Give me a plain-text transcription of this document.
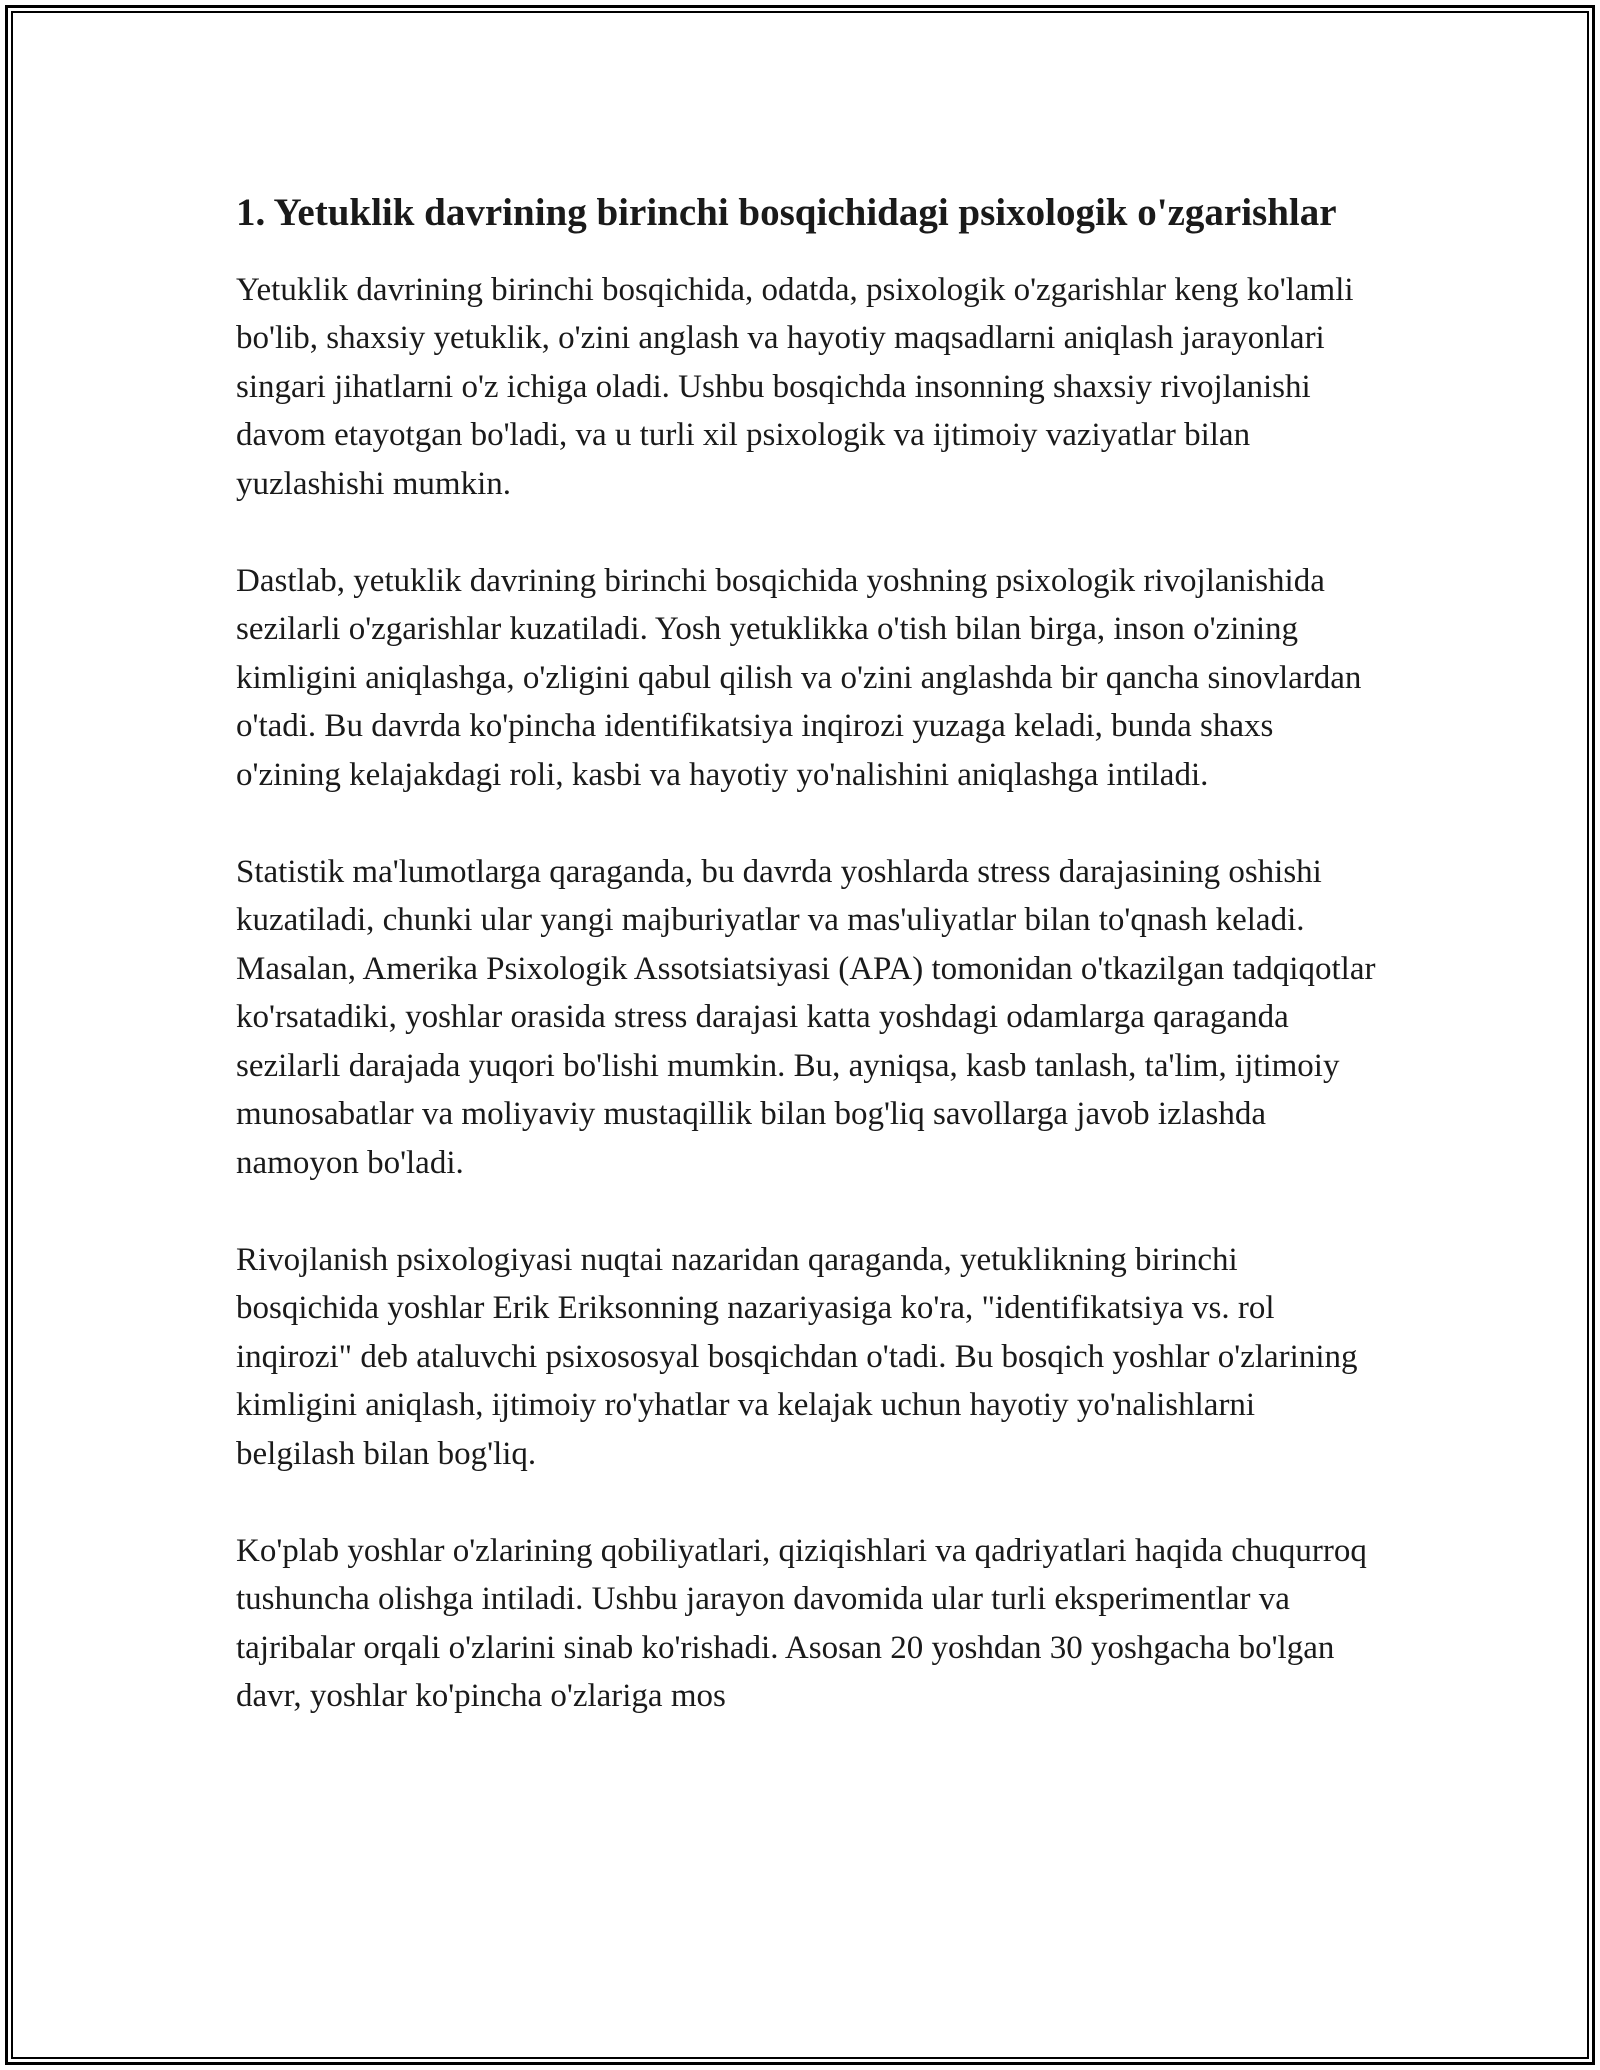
1. Yetuklik davrining birinchi bosqichidagi psixologik o'zgarishlar

Yetuklik davrining birinchi bosqichida, odatda, psixologik o'zgarishlar keng ko'lamli bo'lib, shaxsiy yetuklik, o'zini anglash va hayotiy maqsadlarni aniqlash jarayonlari singari jihatlarni o'z ichiga oladi. Ushbu bosqichda insonning shaxsiy rivojlanishi davom etayotgan bo'ladi, va u turli xil psixologik va ijtimoiy vaziyatlar bilan yuzlashishi mumkin.

Dastlab, yetuklik davrining birinchi bosqichida yoshning psixologik rivojlanishida sezilarli o'zgarishlar kuzatiladi. Yosh yetuklikka o'tish bilan birga, inson o'zining kimligini aniqlashga, o'zligini qabul qilish va o'zini anglashda bir qancha sinovlardan o'tadi. Bu davrda ko'pincha identifikatsiya inqirozi yuzaga keladi, bunda shaxs o'zining kelajakdagi roli, kasbi va hayotiy yo'nalishini aniqlashga intiladi.

Statistik ma'lumotlarga qaraganda, bu davrda yoshlarda stress darajasining oshishi kuzatiladi, chunki ular yangi majburiyatlar va mas'uliyatlar bilan to'qnash keladi. Masalan, Amerika Psixologik Assotsiatsiyasi (APA) tomonidan o'tkazilgan tadqiqotlar ko'rsatadiki, yoshlar orasida stress darajasi katta yoshdagi odamlarga qaraganda sezilarli darajada yuqori bo'lishi mumkin. Bu, ayniqsa, kasb tanlash, ta'lim, ijtimoiy munosabatlar va moliyaviy mustaqillik bilan bog'liq savollarga javob izlashda namoyon bo'ladi.

Rivojlanish psixologiyasi nuqtai nazaridan qaraganda, yetuklikning birinchi bosqichida yoshlar Erik Eriksonning nazariyasiga ko'ra, "identifikatsiya vs. rol inqirozi" deb ataluvchi psixososyal bosqichdan o'tadi. Bu bosqich yoshlar o'zlarining kimligini aniqlash, ijtimoiy ro'yhatlar va kelajak uchun hayotiy yo'nalishlarni belgilash bilan bog'liq.

Ko'plab yoshlar o'zlarining qobiliyatlari, qiziqishlari va qadriyatlari haqida chuqurroq tushuncha olishga intiladi. Ushbu jarayon davomida ular turli eksperimentlar va tajribalar orqali o'zlarini sinab ko'rishadi. Asosan 20 yoshdan 30 yoshgacha bo'lgan davr, yoshlar ko'pincha o'zlariga mos
